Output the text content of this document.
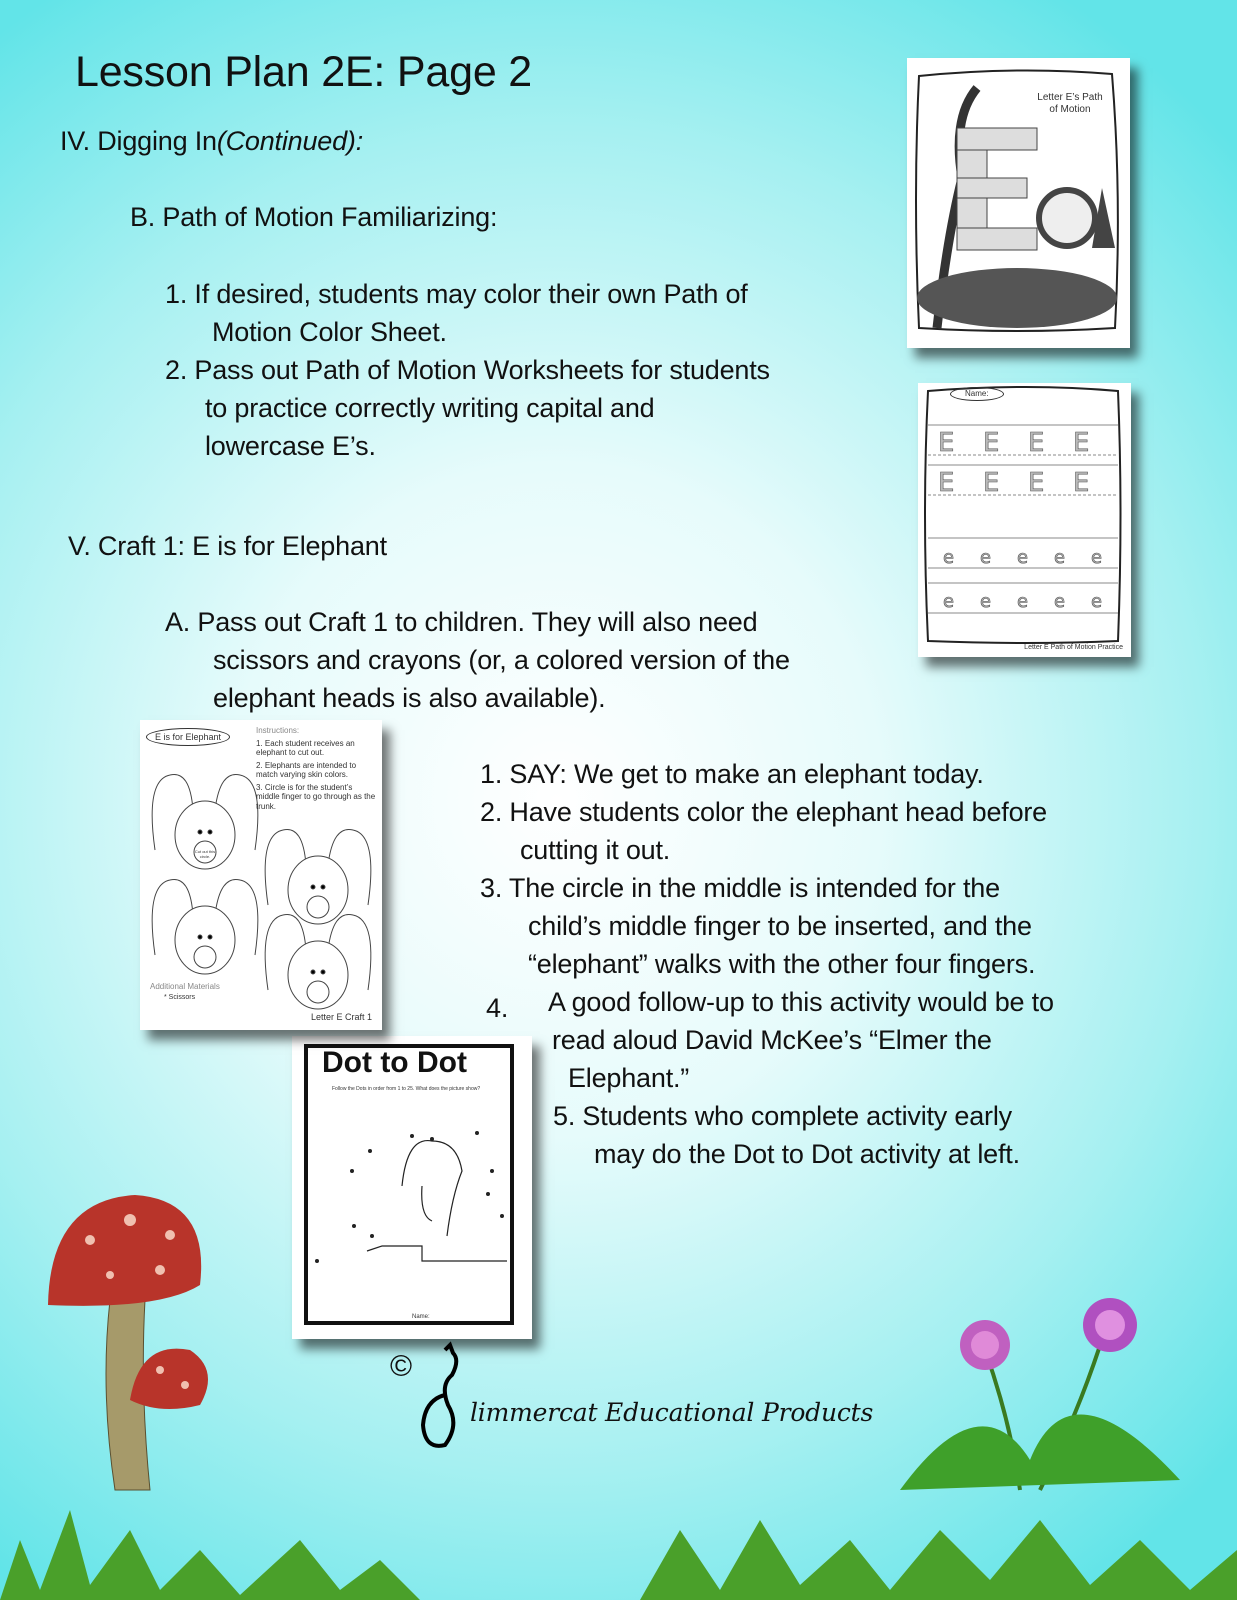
Lesson Plan 2E: Page 2
IV. Digging In(Continued):
B. Path of Motion Familiarizing:
1. If desired, students may color their own Path of
Motion Color Sheet.
2. Pass out Path of Motion Worksheets for students
to practice correctly writing capital and
lowercase E’s.
V. Craft 1: E is for Elephant
A. Pass out Craft 1 to children. They will also need
scissors and crayons (or, a colored version of the
elephant heads is also available).
1. SAY: We get to make an elephant today.
2. Have students color the elephant head before
cutting it out.
3. The circle in the middle is intended for the
child’s middle finger to be inserted, and the
“elephant” walks with the other four fingers.
4. A good follow-up to this activity would be to
read aloud David McKee’s “Elmer the
Elephant.”
5. Students who complete activity early
may do the Dot to Dot activity at left.
Letter E’s Path of Motion
E E E E
E E E E
e e e e e
e e e e e
Name:
Letter E Path of Motion Practice
Dot to Dot
Follow the Dots in order from 1 to 25. What does the picture show?
Name:
E is for Elephant
Instructions:
1. Each student receives an elephant to cut out.
2. Elephants are intended to match varying skin colors.
3. Circle is for the student’s middle finger to go through as the trunk.
Cut out this circle.
Additional Materials
* Scissors
Letter E Craft 1
©
limmercat Educational Products
